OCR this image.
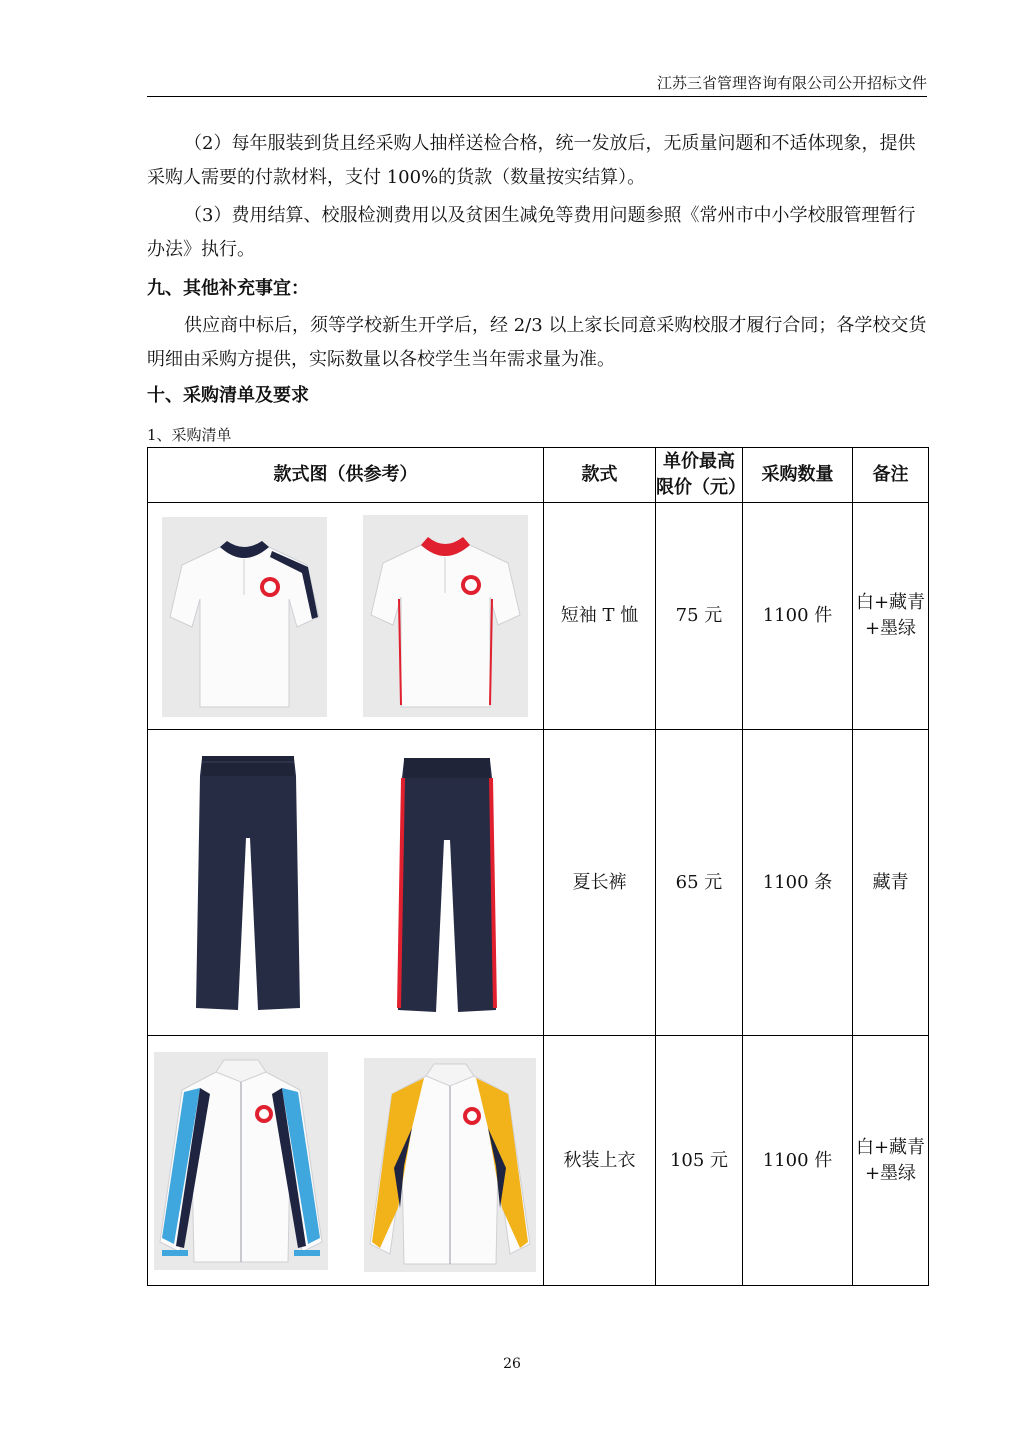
江苏三省管理咨询有限公司公开招标文件

（2）每年服装到货且经采购人抽样送检合格，统一发放后，无质量问题和不适体现象，提供采购人需要的付款材料，支付 100%的货款（数量按实结算）。

（3）费用结算、校服检测费用以及贫困生减免等费用问题参照《常州市中小学校服管理暂行办法》执行。

九、其他补充事宜：

供应商中标后，须等学校新生开学后，经 2/3 以上家长同意采购校服才履行合同；各学校交货明细由采购方提供，实际数量以各校学生当年需求量为准。

十、采购清单及要求

1、采购清单

款式图（供参考）	款式	单价最高限价（元）	采购数量	备注

	短袖 T 恤	75 元	1100 件	白+藏青+墨绿

	夏长裤	65 元	1100 条	藏青

	秋装上衣	105 元	1100 件	白+藏青+墨绿
26
